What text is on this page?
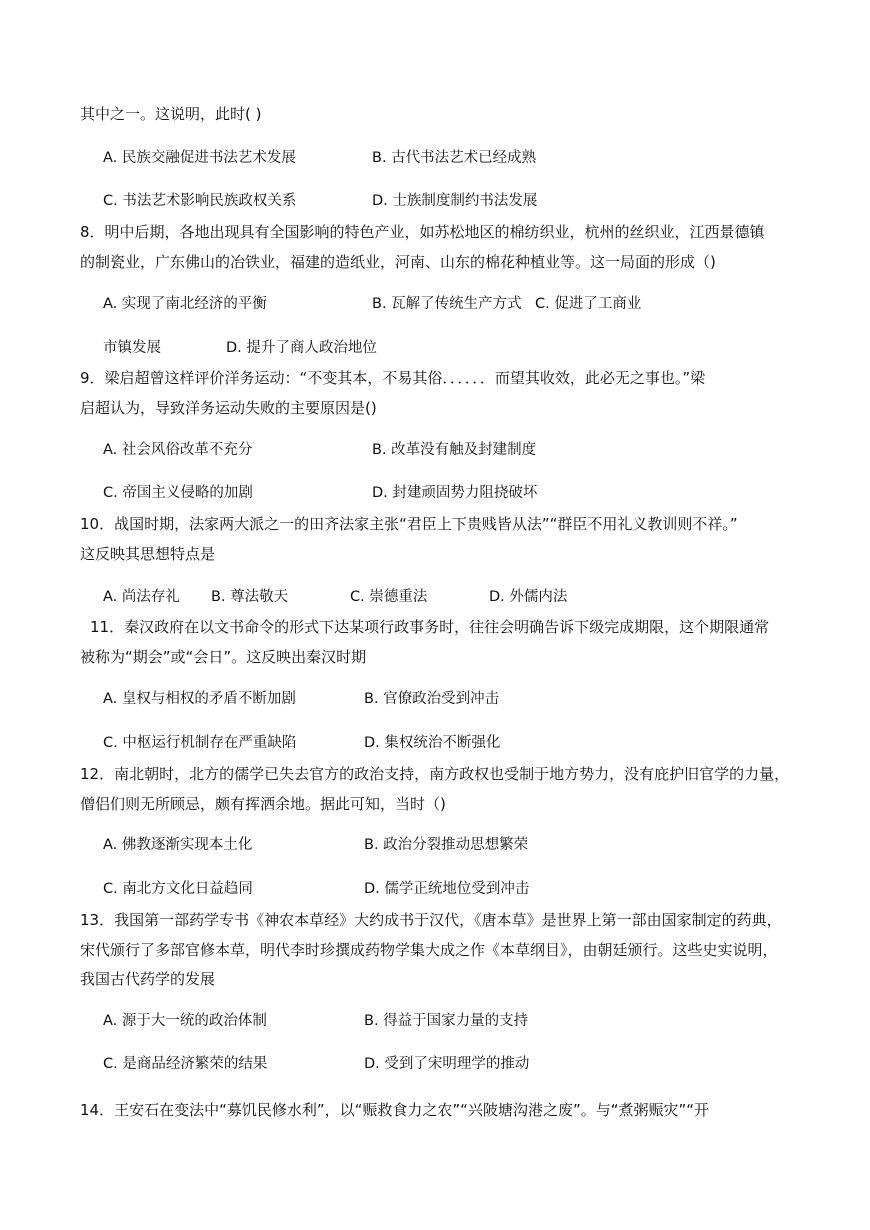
其中之一。这说明，此时( )
A. 民族交融促进书法艺术发展	B. 古代书法艺术已经成熟
C. 书法艺术影响民族政权关系	D. 士族制度制约书法发展
8．明中后期，各地出现具有全国影响的特色产业，如苏松地区的棉纺织业，杭州的丝织业，江西景德镇
的制瓷业，广东佛山的冶铁业，福建的造纸业，河南、山东的棉花种植业等。这一局面的形成（)
A. 实现了南北经济的平衡	B. 瓦解了传统生产方式 C. 促进了工商业
市镇发展	D. 提升了商人政治地位
9．梁启超曾这样评价洋务运动：“不变其本，不易其俗．．．．．．而望其收效，此必无之事也。”梁
启超认为，导致洋务运动失败的主要原因是()
A. 社会风俗改革不充分	B. 改革没有触及封建制度
C. 帝国主义侵略的加剧	D. 封建顽固势力阻挠破坏
10．战国时期，法家两大派之一的田齐法家主张“君臣上下贵贱皆从法”“群臣不用礼义教训则不祥。”
这反映其思想特点是
A. 尚法存礼 B. 尊法敬天	C. 崇德重法	D. 外儒内法
11．秦汉政府在以文书命令的形式下达某项行政事务时，往往会明确告诉下级完成期限，这个期限通常
被称为“期会”或“会日”。这反映出秦汉时期
A. 皇权与相权的矛盾不断加剧	B. 官僚政治受到冲击
C. 中枢运行机制存在严重缺陷	D. 集权统治不断强化
12．南北朝时，北方的儒学已失去官方的政治支持，南方政权也受制于地方势力，没有庇护旧官学的力量，
僧侣们则无所顾忌，颇有挥洒余地。据此可知，当时（)
A. 佛教逐渐实现本土化	B. 政治分裂推动思想繁荣
C. 南北方文化日益趋同	D. 儒学正统地位受到冲击
13．我国第一部药学专书《神农本草经》大约成书于汉代，《唐本草》是世界上第一部由国家制定的药典，
宋代颁行了多部官修本草，明代李时珍撰成药物学集大成之作《本草纲目》，由朝廷颁行。这些史实说明，
我国古代药学的发展
A. 源于大一统的政治体制	B. 得益于国家力量的支持
C. 是商品经济繁荣的结果	D. 受到了宋明理学的推动
14．王安石在变法中“募饥民修水利”，以“赈救食力之农”“兴陂塘沟港之废”。与“煮粥赈灾”“开
